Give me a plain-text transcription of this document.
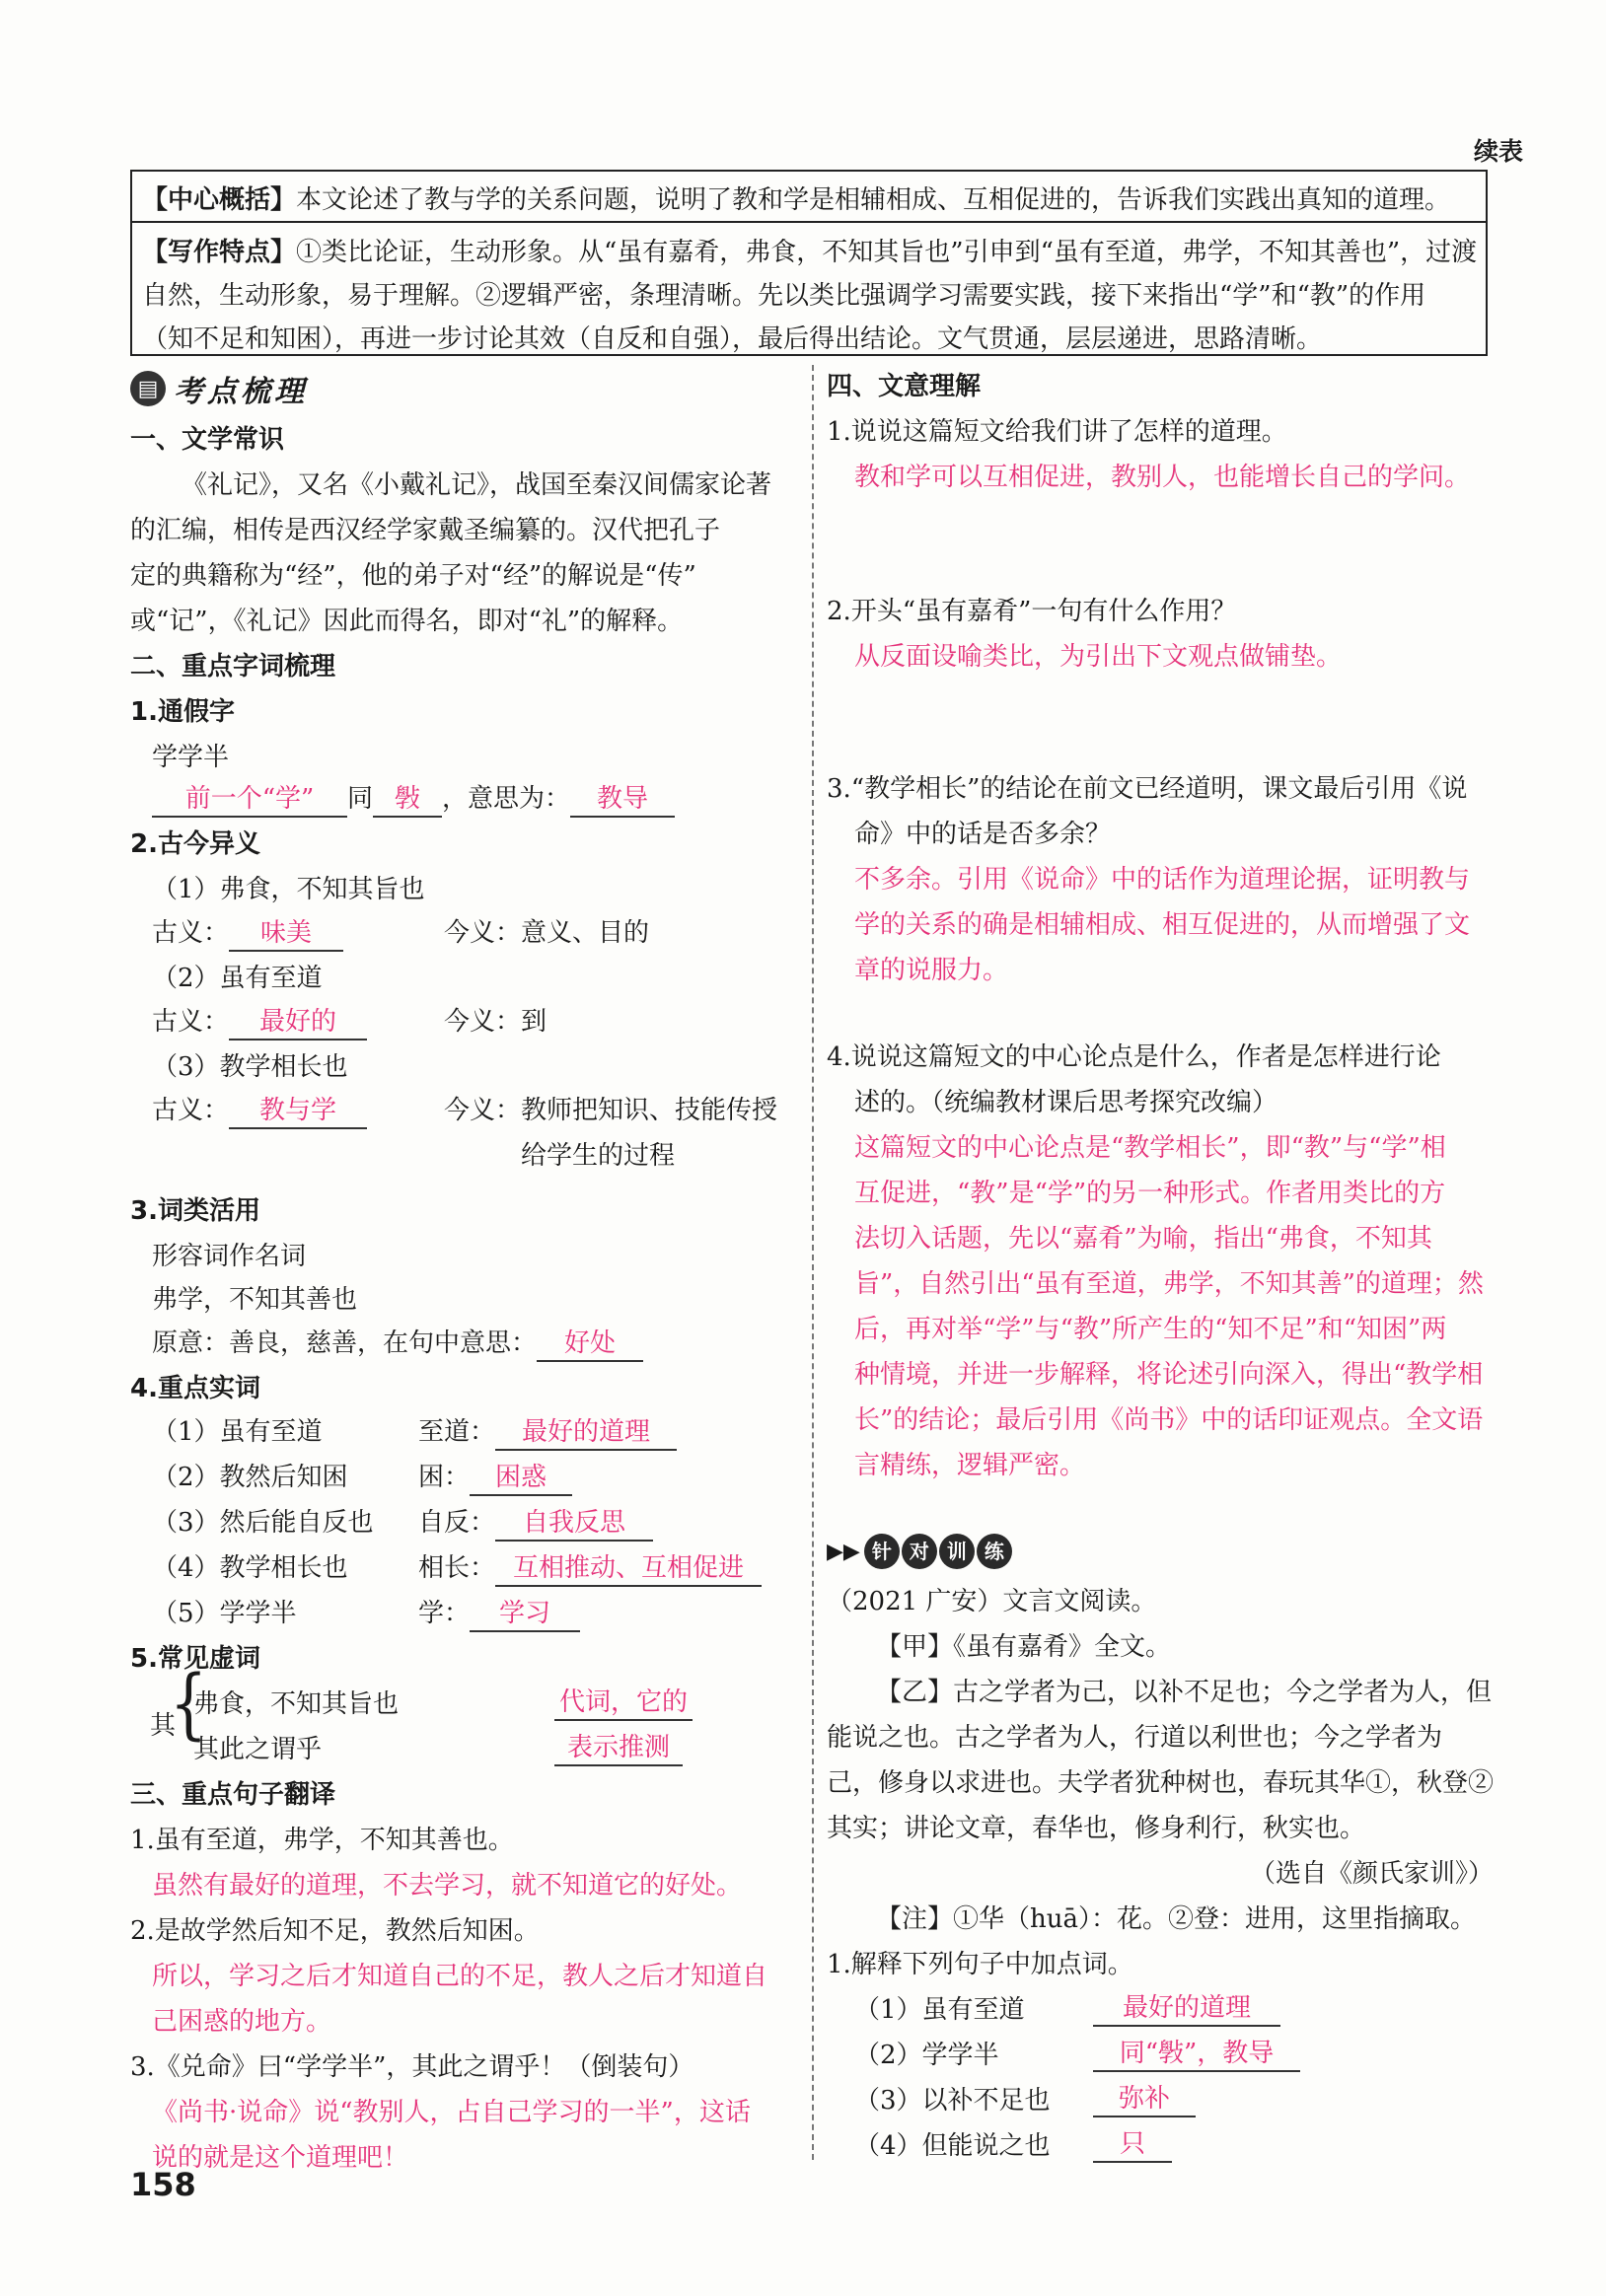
续表
【中心概括】本文论述了教与学的关系问题，说明了教和学是相辅相成、互相促进的，告诉我们实践出真知的道理。
【写作特点】①类比论证，生动形象。从“虽有嘉肴，弗食，不知其旨也”引申到“虽有至道，弗学，不知其善也”，过渡
自然，生动形象，易于理解。②逻辑严密，条理清晰。先以类比强调学习需要实践，接下来指出“学”和“教”的作用
（知不足和知困），再进一步讨论其效（自反和自强），最后得出结论。文气贯通，层层递进，思路清晰。
▤ 考点梳理
一、文学常识
《礼记》，又名《小戴礼记》，战国至秦汉间儒家论著
的汇编，相传是西汉经学家戴圣编纂的。汉代把孔子
定的典籍称为“经”，他的弟子对“经”的解说是“传”
或“记”，《礼记》因此而得名，即对“礼”的解释。
二、重点字词梳理
1.通假字
学学半
前一个“学” 同 斅 ，意思为： 教导
2.古今异义
（1）弗食，不知其旨也
古义： 味美	今义：意义、目的
（2）虽有至道
古义： 最好的	今义：到
（3）教学相长也
古义： 教与学	今义：教师把知识、技能传授
给学生的过程
3.词类活用
形容词作名词
弗学，不知其善也
原意：善良，慈善，在句中意思： 好处
4.重点实词
（1）虽有至道	至道： 最好的道理
（2）教然后知困	困： 困惑
（3）然后能自反也 自反： 自我反思
（4）教学相长也	相长： 互相推动、互相促进
（5）学学半	学： 学习
5.常见虚词
其
{
弗食，不知其旨也	代词，它的
其此之谓乎	表示推测
三、重点句子翻译
1.虽有至道，弗学，不知其善也。
虽然有最好的道理，不去学习，就不知道它的好处。
2.是故学然后知不足，教然后知困。
所以，学习之后才知道自己的不足，教人之后才知道自
己困惑的地方。
3.《兑命》曰“学学半”，其此之谓乎！（倒装句）
《尚书·说命》说“教别人，占自己学习的一半”，这话
说的就是这个道理吧！
四、文意理解
1.说说这篇短文给我们讲了怎样的道理。
教和学可以互相促进，教别人，也能增长自己的学问。
2.开头“虽有嘉肴”一句有什么作用？
从反面设喻类比，为引出下文观点做铺垫。
3.“教学相长”的结论在前文已经道明，课文最后引用《说
命》中的话是否多余？
不多余。引用《说命》中的话作为道理论据，证明教与
学的关系的确是相辅相成、相互促进的，从而增强了文
章的说服力。
4.说说这篇短文的中心论点是什么，作者是怎样进行论
述的。（统编教材课后思考探究改编）
这篇短文的中心论点是“教学相长”，即“教”与“学”相
互促进，“教”是“学”的另一种形式。作者用类比的方
法切入话题，先以“嘉肴”为喻，指出“弗食，不知其
旨”，自然引出“虽有至道，弗学，不知其善”的道理；然
后，再对举“学”与“教”所产生的“知不足”和“知困”两
种情境，并进一步解释，将论述引向深入，得出“教学相
长”的结论；最后引用《尚书》中的话印证观点。全文语
言精练，逻辑严密。
▶▶ 针 对 训 练
（2021 广安）文言文阅读。
【甲】《虽有嘉肴》全文。
【乙】古之学者为己，以补不足也；今之学者为人，但
能说之也。古之学者为人，行道以利世也；今之学者为
己，修身以求进也。夫学者犹种树也，春玩其华①，秋登②
其实；讲论文章，春华也，修身利行，秋实也。
（选自《颜氏家训》）
【注】①华（huā）：花。②登：进用，这里指摘取。
1.解释下列句子中加点词。
（1）虽有至道	最好的道理
（2）学学半	同“斅”，教导
（3）以补不足也	弥补
（4）但能说之也	只
158
